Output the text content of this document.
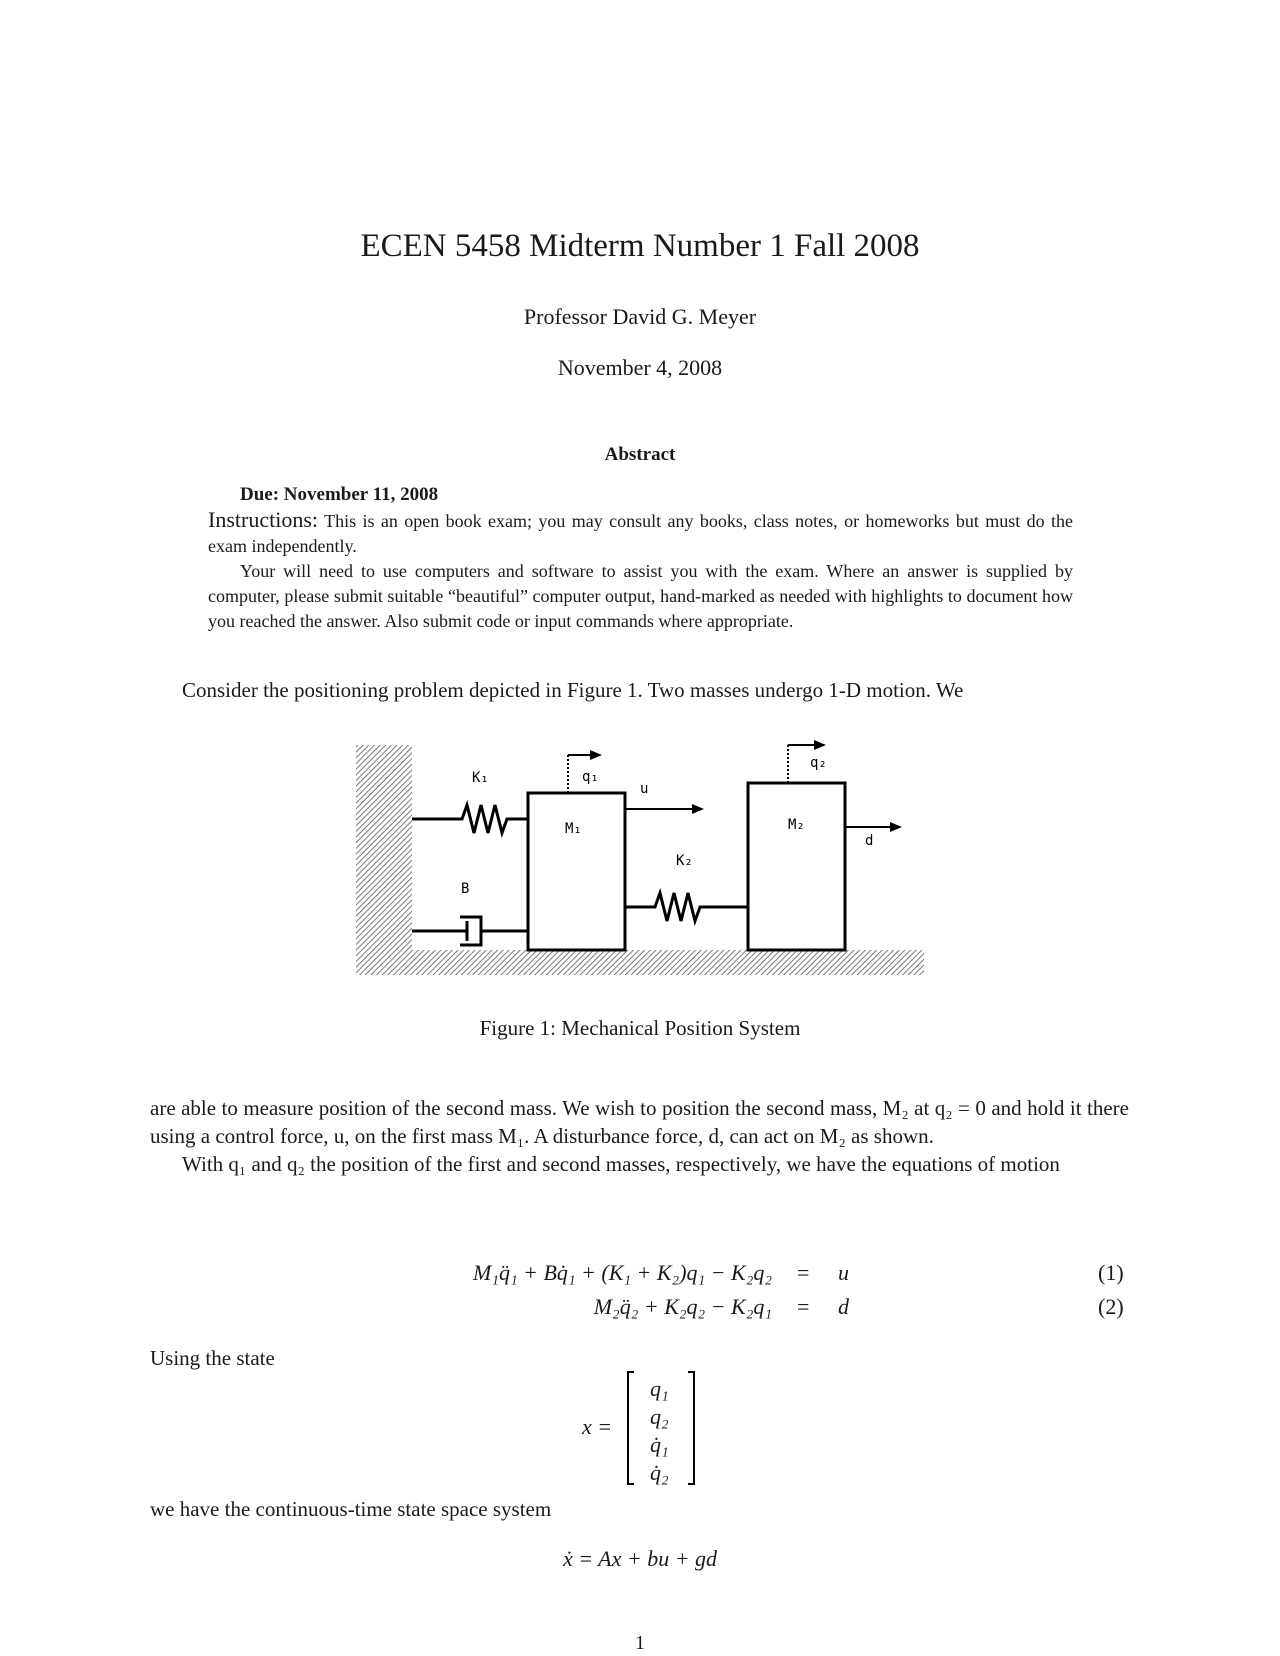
ECEN 5458 Midterm Number 1 Fall 2008
Professor David G. Meyer
November 4, 2008
Abstract

Due: November 11, 2008

Instructions: This is an open book exam; you may consult any books, class notes, or homeworks but must do the exam independently.

Your will need to use computers and software to assist you with the exam. Where an answer is supplied by computer, please submit suitable “beautiful” computer output, hand-marked as needed with highlights to document how you reached the answer. Also submit code or input commands where appropriate.

Consider the positioning problem depicted in Figure 1. Two masses undergo 1-D motion. We

K₁
B
M₁
q₁
u
K₂
M₂
q₂
d
Figure 1: Mechanical Position System

are able to measure position of the second mass. We wish to position the second mass, M₂ at q₂ = 0 and hold it there using a control force, u, on the first mass M₁. A disturbance force, d, can act on M₂ as shown.

With q₁ and q₂ the position of the first and second masses, respectively, we have the equations of motion

M₁q̈₁ + Bq̇₁ + (K₁ + K₂)q₁ − K₂q₂ = u	(1)
M₂q̈₂ + K₂q₂ − K₂q₁ = d	(2)

Using the state

x =
q₁
q₂
q̇₁
q̇₂

we have the continuous-time state space system

ẋ = Ax + bu + gd
1
